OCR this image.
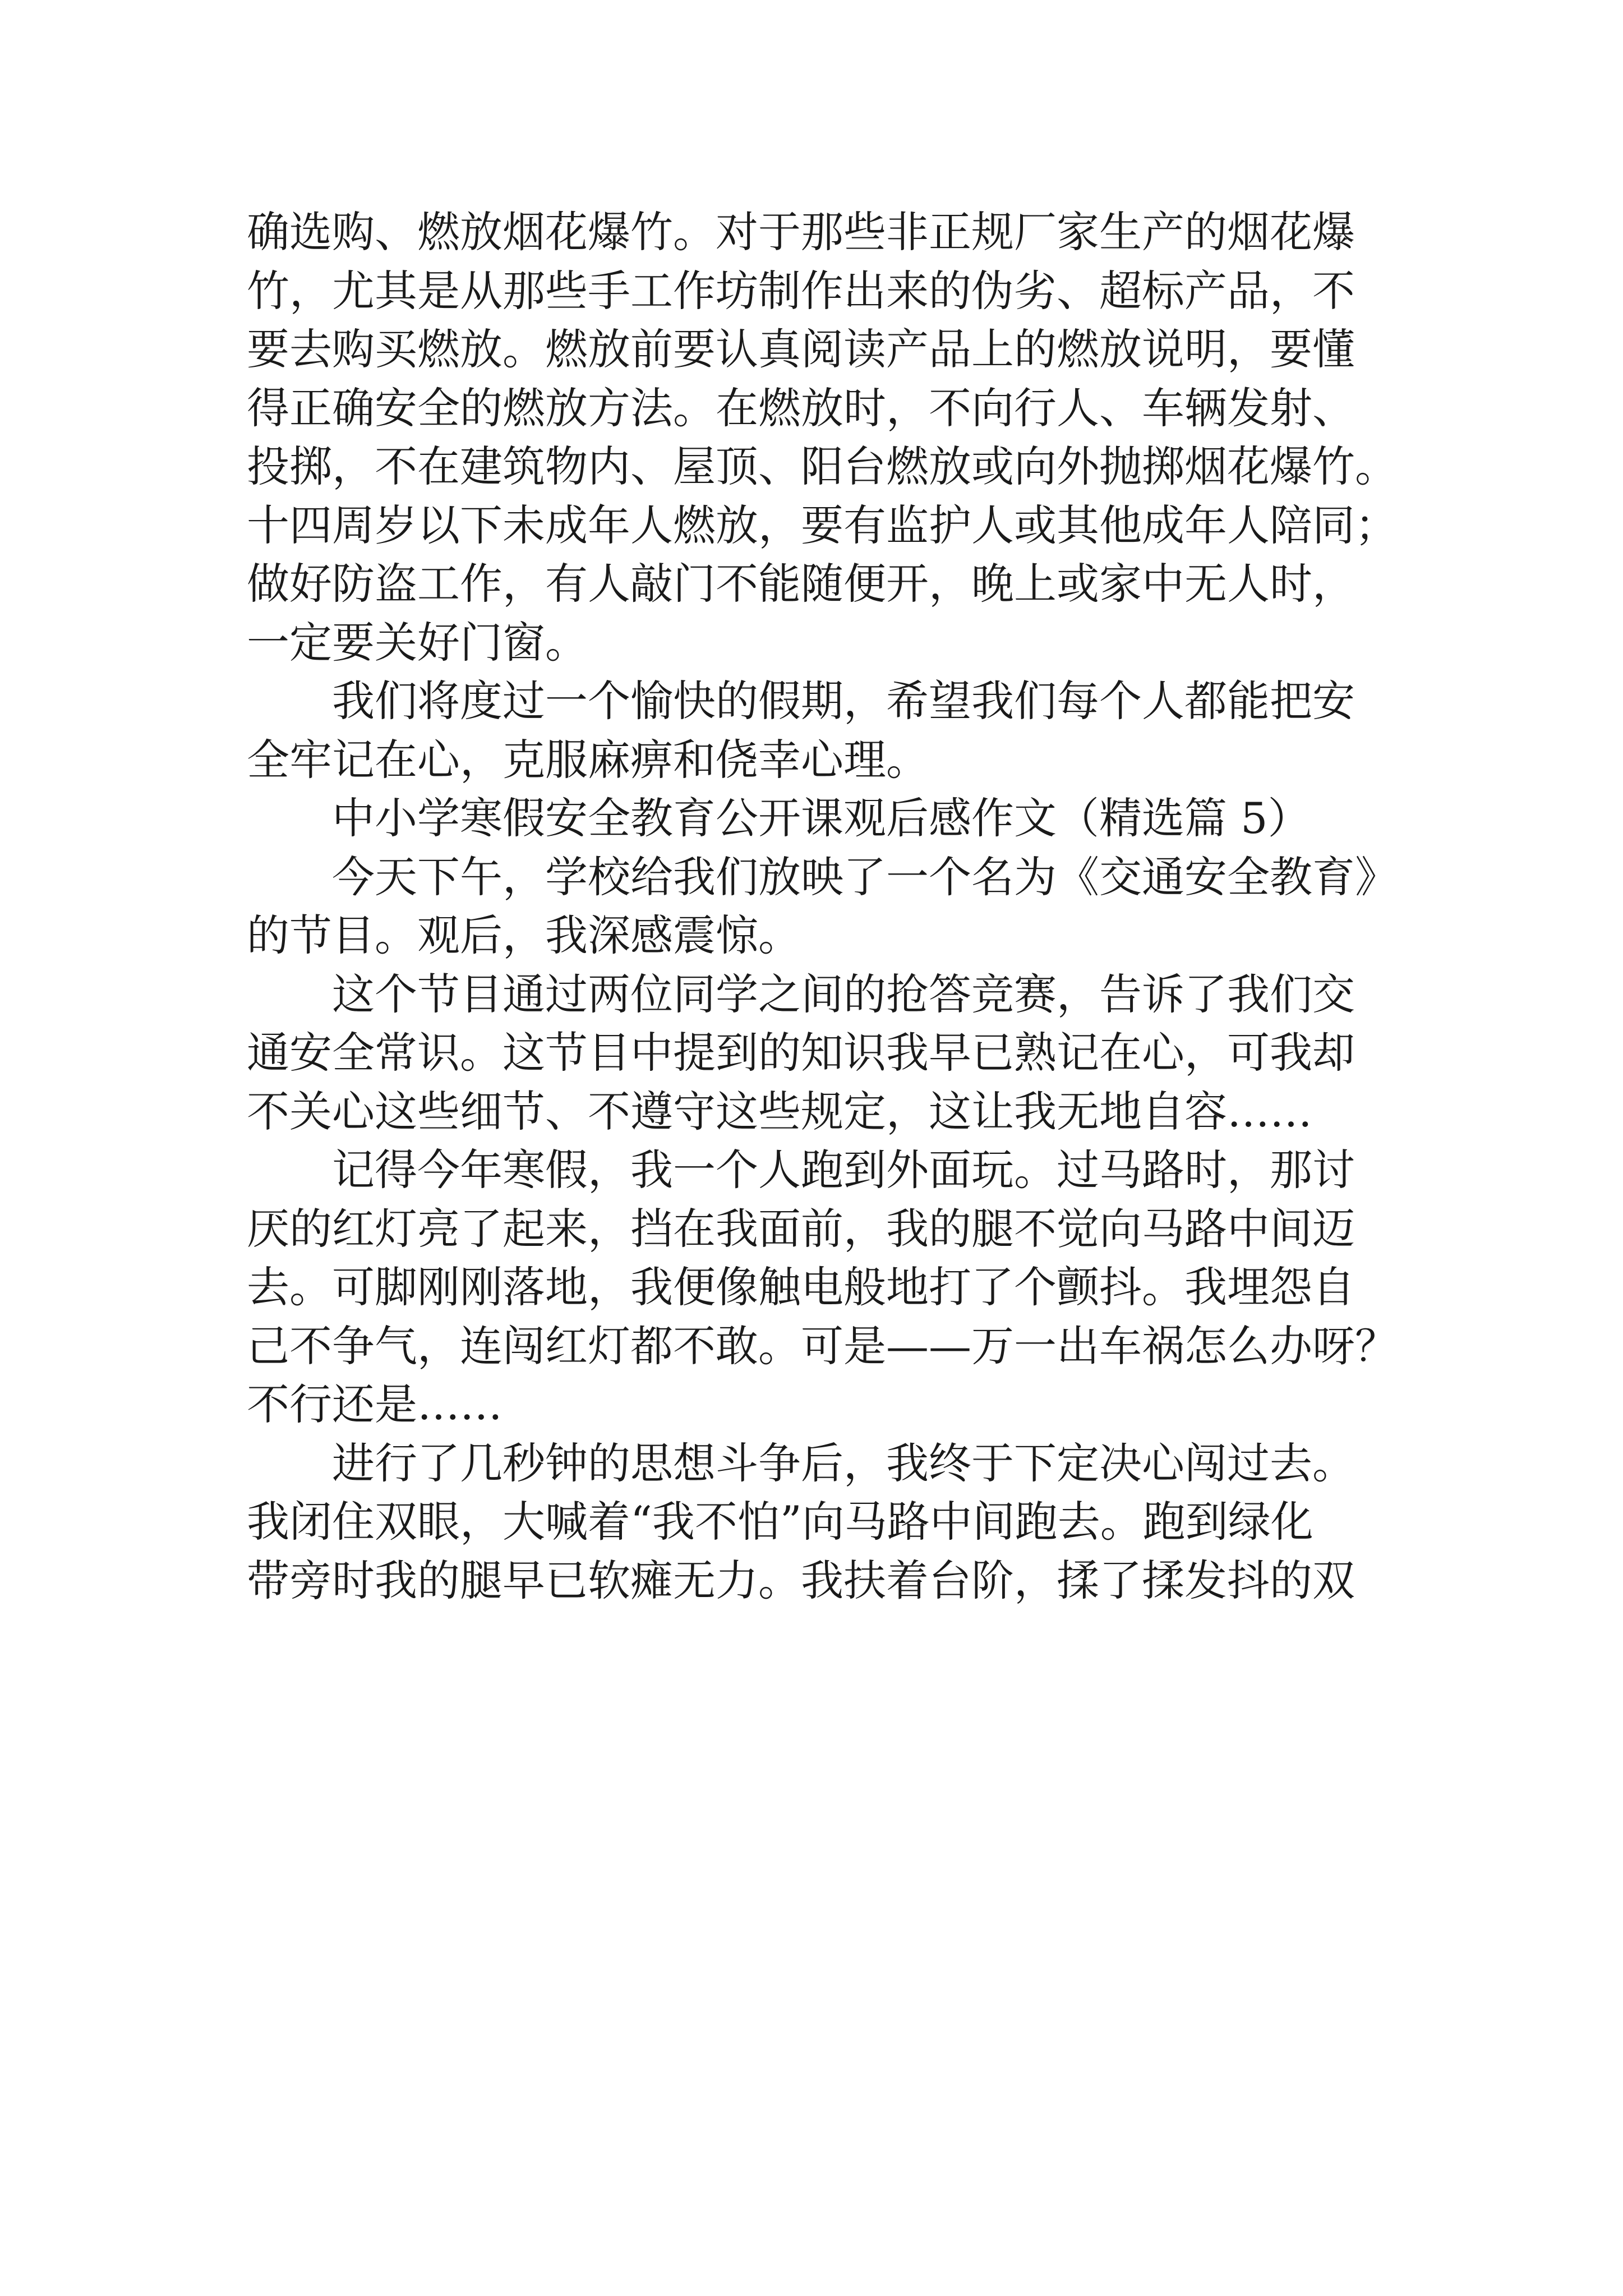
确选购、燃放烟花爆竹。对于那些非正规厂家生产的烟花爆
竹，尤其是从那些手工作坊制作出来的伪劣、超标产品，不
要去购买燃放。燃放前要认真阅读产品上的燃放说明，要懂
得正确安全的燃放方法。在燃放时，不向行人、车辆发射、
投掷，不在建筑物内、屋顶、阳台燃放或向外抛掷烟花爆竹。
十四周岁以下未成年人燃放，要有监护人或其他成年人陪同；
做好防盗工作，有人敲门不能随便开，晚上或家中无人时，
一定要关好门窗。
我们将度过一个愉快的假期，希望我们每个人都能把安
全牢记在心，克服麻痹和侥幸心理。
中小学寒假安全教育公开课观后感作文（精选篇 5）
今天下午，学校给我们放映了一个名为《交通安全教育》
的节目。观后，我深感震惊。
这个节目通过两位同学之间的抢答竞赛，告诉了我们交
通安全常识。这节目中提到的知识我早已熟记在心，可我却
不关心这些细节、不遵守这些规定，这让我无地自容……
记得今年寒假，我一个人跑到外面玩。过马路时，那讨
厌的红灯亮了起来，挡在我面前，我的腿不觉向马路中间迈
去。可脚刚刚落地，我便像触电般地打了个颤抖。我埋怨自
己不争气，连闯红灯都不敢。可是——万一出车祸怎么办呀？
不行还是……
进行了几秒钟的思想斗争后，我终于下定决心闯过去。
我闭住双眼，大喊着“我不怕”向马路中间跑去。跑到绿化
带旁时我的腿早已软瘫无力。我扶着台阶，揉了揉发抖的双
